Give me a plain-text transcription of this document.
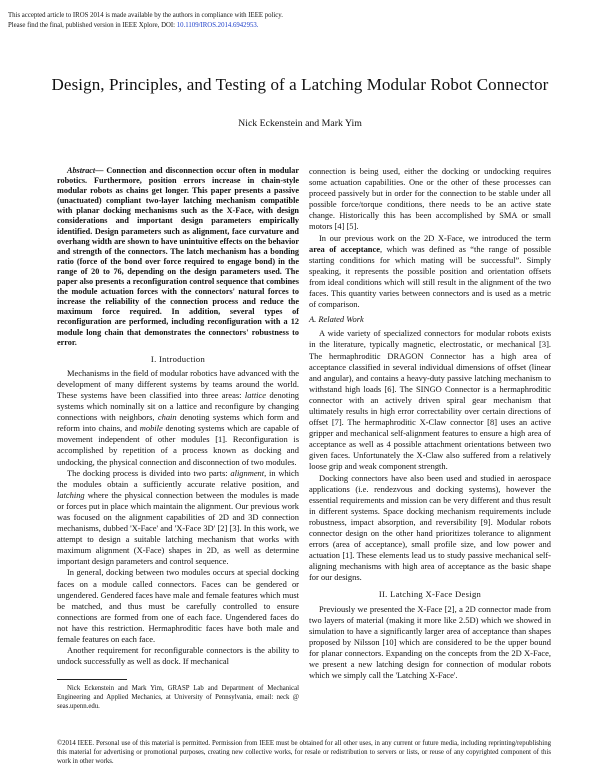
This accepted article to IROS 2014 is made available by the authors in compliance with IEEE policy.
Please find the final, published version in IEEE Xplore, DOI: 10.1109/IROS.2014.6942953.
Design, Principles, and Testing of a Latching Modular Robot Connector
Nick Eckenstein and Mark Yim

Abstract— Connection and disconnection occur often in modular robotics. Furthermore, position errors increase in chain-style modular robots as chains get longer. This paper presents a passive (unactuated) compliant two-layer latching mechanism compatible with planar docking mechanisms such as the X-Face, with design considerations and important design parameters empirically identified. Design parameters such as alignment, face curvature and overhang width are shown to have unintuitive effects on the behavior and strength of the connectors. The latch mechanism has a bonding ratio (force of the bond over force required to engage bond) in the range of 20 to 76, depending on the design parameters used. The paper also presents a reconfiguration control sequence that combines the module actuation forces with the connectors' natural forces to increase the reliability of the connection process and reduce the maximum force required. In addition, several types of reconfiguration are performed, including reconfiguration with a 12 module long chain that demonstrates the connectors' robustness to error.

I. Introduction

Mechanisms in the field of modular robotics have advanced with the development of many different systems by teams around the world. These systems have been classified into three areas: lattice denoting systems which nominally sit on a lattice and reconfigure by changing connections with neighbors, chain denoting systems which form and reform into chains, and mobile denoting systems which are capable of movement independent of other modules [1]. Reconfiguration is accomplished by repetition of a process known as docking and undocking, the physical connection and disconnection of two modules.

The docking process is divided into two parts: alignment, in which the modules obtain a sufficiently accurate relative position, and latching where the physical connection between the modules is made or forces put in place which maintain the alignment. Our previous work was focused on the alignment capabilities of 2D and 3D connection mechanisms, dubbed 'X-Face' and 'X-Face 3D' [2] [3]. In this work, we attempt to design a suitable latching mechanism that works with maximum alignment (X-Face) shapes in 2D, as well as determine important design parameters and control sequence.

In general, docking between two modules occurs at special docking faces on a module called connectors. Faces can be gendered or ungendered. Gendered faces have male and female features which must be matched, and thus must be carefully controlled to ensure connections are formed from one of each face. Ungendered faces do not have this restriction. Hermaphroditic faces have both male and female features on each face.

Another requirement for reconfigurable connectors is the ability to undock successfully as well as dock. If mechanical

Nick Eckenstein and Mark Yim, GRASP Lab and Department of Mechanical Engineering and Applied Mechanics, at University of Pennsylvania, email: neck @ seas.upenn.edu.

connection is being used, either the docking or undocking requires some actuation capabilities. One or the other of these processes can proceed passively but in order for the connection to be stable under all possible force/torque conditions, there needs to be an active state change. Historically this has been accomplished by SMA or small motors [4] [5].

In our previous work on the 2D X-Face, we introduced the term area of acceptance, which was defined as “the range of possible starting conditions for which mating will be successful”. Simply speaking, it represents the possible position and orientation offsets from ideal conditions which will still result in the alignment of the two faces. This quantity varies between connectors and is used as a metric of comparison.

A. Related Work

A wide variety of specialized connectors for modular robots exists in the literature, typically magnetic, electrostatic, or mechanical [3]. The hermaphroditic DRAGON Connector has a high area of acceptance classified in several individual dimensions of offset (linear and angular), and contains a heavy-duty passive latching mechanism to withstand high loads [6]. The SINGO Connector is a hermaphroditic connector with an actively driven spiral gear mechanism that ultimately results in high error correctability over certain directions of offset [7]. The hermaphroditic X-Claw connector [8] uses an active gripper and mechanical self-alignment features to ensure a high area of acceptance as well as 4 possible attachment orientations between two given faces. Unfortunately the X-Claw also suffered from a relatively loose grip and weak component strength.

Docking connectors have also been used and studied in aerospace applications (i.e. rendezvous and docking systems), however the essential requirements and mission can be very different and thus result in different systems. Space docking mechanism requirements include robustness, impact absorption, and reversibility [9]. Modular robots connector design on the other hand prioritizes tolerance to alignment errors (area of acceptance), small profile size, and low power and actuation [1]. These elements lead us to study passive mechanical self-aligning mechanisms with high area of acceptance as the basic shape for our designs.

II. Latching X-Face Design

Previously we presented the X-Face [2], a 2D connector made from two layers of material (making it more like 2.5D) which we showed in simulation to have a significantly larger area of acceptance than shapes proposed by Nilsson [10] which are considered to be the upper bound for planar connectors. Expanding on the concepts from the 2D X-Face, we present a new latching design for connection of modular robots which we simply call the 'Latching X-Face'.

©2014 IEEE. Personal use of this material is permitted. Permission from IEEE must be obtained for all other uses, in any current or future media, including reprinting/republishing this material for advertising or promotional purposes, creating new collective works, for resale or redistribution to servers or lists, or reuse of any copyrighted component of this work in other works.
